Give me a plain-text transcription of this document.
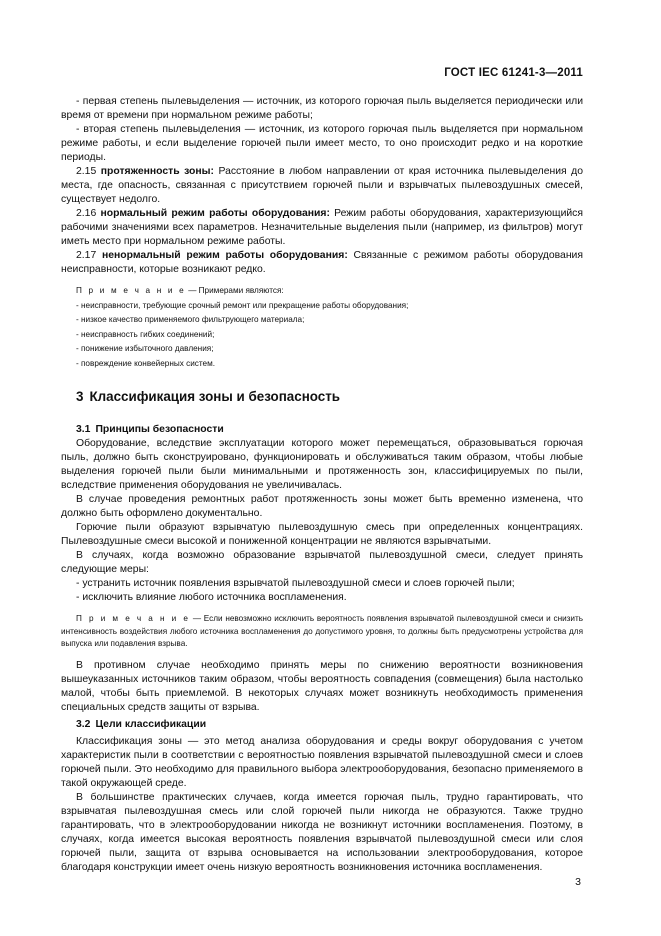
ГОСТ IEC 61241-3—2011

- первая степень пылевыделения — источник, из которого горючая пыль выделяется периодически или время от времени при нормальном режиме работы;

- вторая степень пылевыделения — источник, из которого горючая пыль выделяется при нормальном режиме работы, и если выделение горючей пыли имеет место, то оно происходит редко и на короткие периоды.

2.15 протяженность зоны: Расстояние в любом направлении от края источника пылевыделения до места, где опасность, связанная с присутствием горючей пыли и взрывчатых пылевоздушных смесей, существует недолго.

2.16 нормальный режим работы оборудования: Режим работы оборудования, характеризующийся рабочими значениями всех параметров. Незначительные выделения пыли (например, из фильтров) могут иметь место при нормальном режиме работы.

2.17 ненормальный режим работы оборудования: Связанные с режимом работы оборудования неисправности, которые возникают редко.

П р и м е ч а н и е — Примерами являются:
- неисправности, требующие срочный ремонт или прекращение работы оборудования;
- низкое качество применяемого фильтрующего материала;
- неисправность гибких соединений;
- понижение избыточного давления;
- повреждение конвейерных систем.
3 Классификация зоны и безопасность
3.1 Принципы безопасности

Оборудование, вследствие эксплуатации которого может перемещаться, образовываться горючая пыль, должно быть сконструировано, функционировать и обслуживаться таким образом, чтобы любые выделения горючей пыли были минимальными и протяженность зон, классифицируемых по пыли, вследствие применения оборудования не увеличивалась.

В случае проведения ремонтных работ протяженность зоны может быть временно изменена, что должно быть оформлено документально.

Горючие пыли образуют взрывчатую пылевоздушную смесь при определенных концентрациях. Пылевоздушные смеси высокой и пониженной концентрации не являются взрывчатыми.

В случаях, когда возможно образование взрывчатой пылевоздушной смеси, следует принять следующие меры:

- устранить источник появления взрывчатой пылевоздушной смеси и слоев горючей пыли;

- исключить влияние любого источника воспламенения.

П р и м е ч а н и е — Если невозможно исключить вероятность появления взрывчатой пылевоздушной смеси и снизить интенсивность воздействия любого источника воспламенения до допустимого уровня, то должны быть предусмотрены устройства для выпуска или подавления взрыва.

В противном случае необходимо принять меры по снижению вероятности возникновения вышеуказанных источников таким образом, чтобы вероятность совпадения (совмещения) была настолько малой, чтобы быть приемлемой. В некоторых случаях может возникнуть необходимость применения специальных средств защиты от взрыва.

3.2 Цели классификации

Классификация зоны — это метод анализа оборудования и среды вокруг оборудования с учетом характеристик пыли в соответствии с вероятностью появления взрывчатой пылевоздушной смеси и слоев горючей пыли. Это необходимо для правильного выбора электрооборудования, безопасно применяемого в такой окружающей среде.

В большинстве практических случаев, когда имеется горючая пыль, трудно гарантировать, что взрывчатая пылевоздушная смесь или слой горючей пыли никогда не образуются. Также трудно гарантировать, что в электрооборудовании никогда не возникнут источники воспламенения. Поэтому, в случаях, когда имеется высокая вероятность появления взрывчатой пылевоздушной смеси или слоя горючей пыли, защита от взрыва основывается на использовании электрооборудования, которое благодаря конструкции имеет очень низкую вероятность возникновения источника воспламенения.

3
